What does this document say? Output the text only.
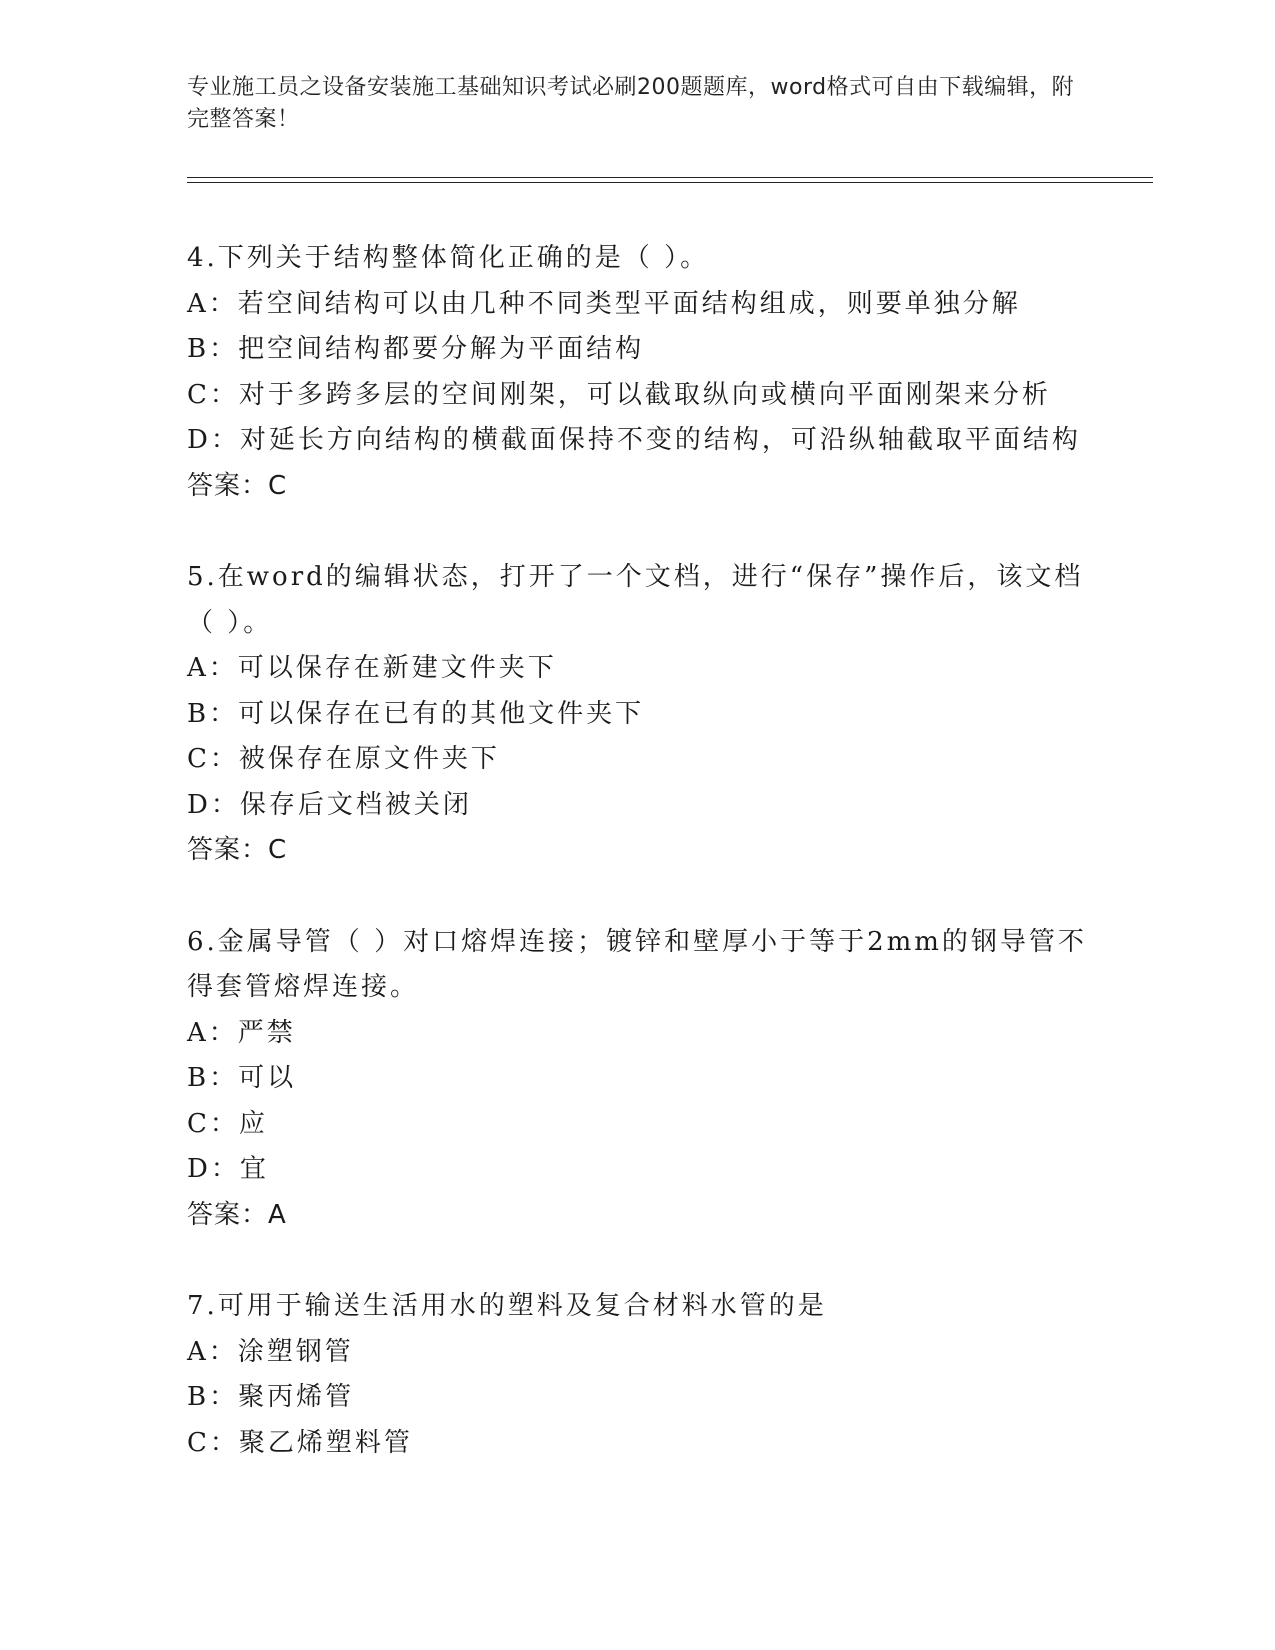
专业施工员之设备安装施工基础知识考试必刷200题题库，word格式可自由下载编辑，附完整答案！

4.下列关于结构整体简化正确的是（ ）。

A：若空间结构可以由几种不同类型平面结构组成，则要单独分解

B：把空间结构都要分解为平面结构

C：对于多跨多层的空间刚架，可以截取纵向或横向平面刚架来分析

D：对延长方向结构的横截面保持不变的结构，可沿纵轴截取平面结构

答案：C

5.在word的编辑状态，打开了一个文档，进行“保存”操作后，该文档（ ）。

A：可以保存在新建文件夹下

B：可以保存在已有的其他文件夹下

C：被保存在原文件夹下

D：保存后文档被关闭

答案：C

6.金属导管（ ）对口熔焊连接；镀锌和壁厚小于等于2mm的钢导管不得套管熔焊连接。

A：严禁

B：可以

C：应

D：宜

答案：A

7.可用于输送生活用水的塑料及复合材料水管的是

A：涂塑钢管

B：聚丙烯管

C：聚乙烯塑料管
